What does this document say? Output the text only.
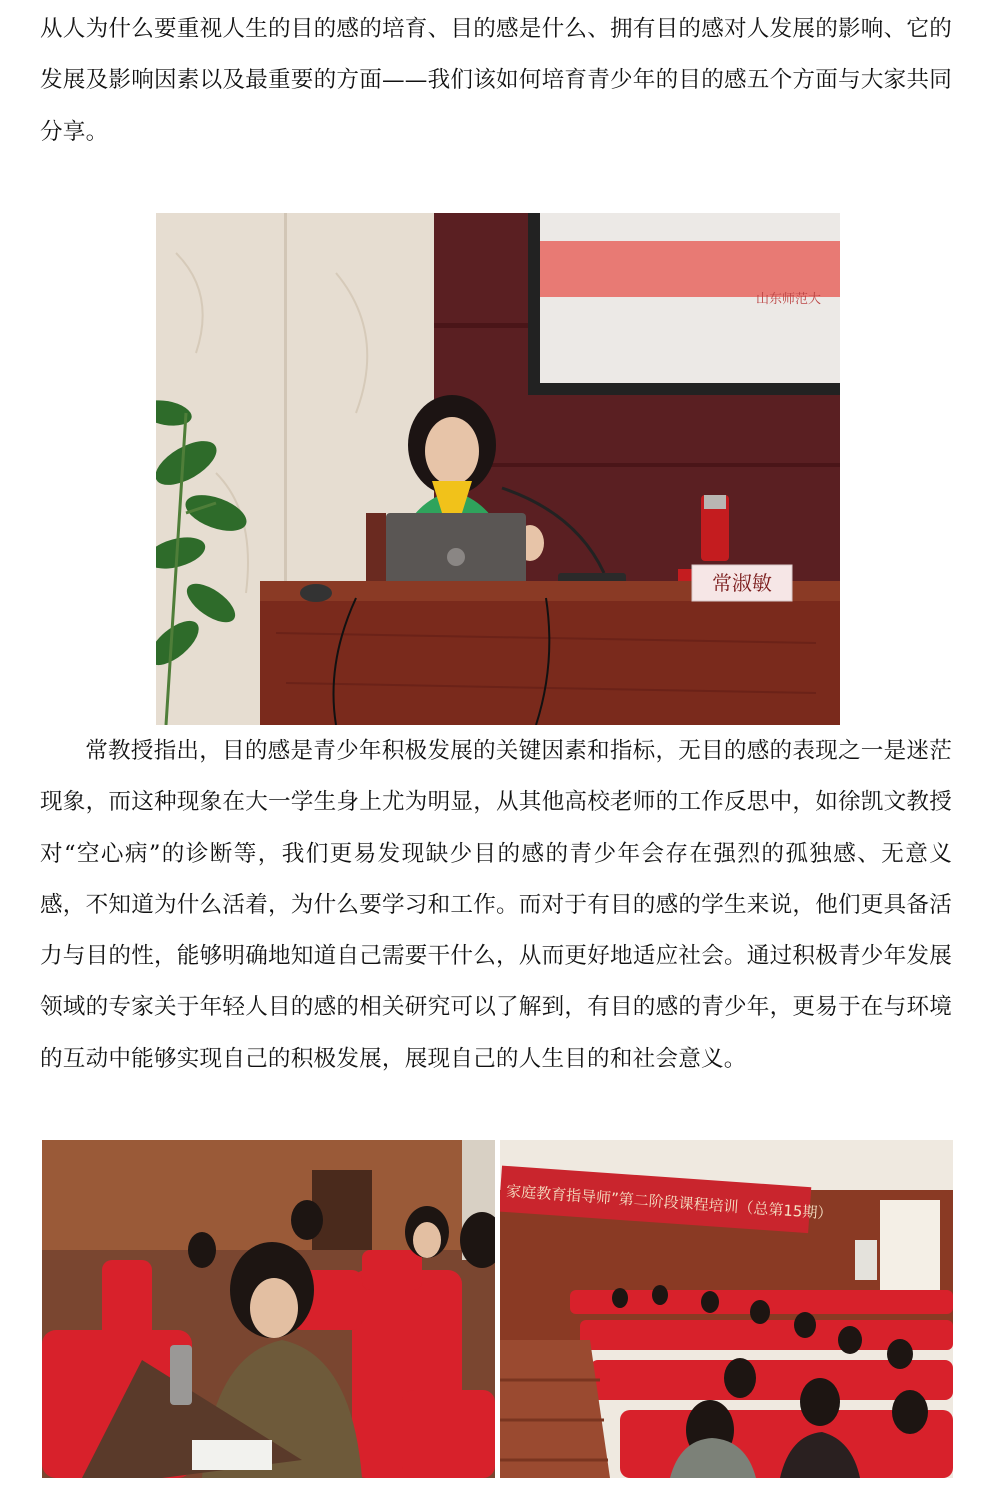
从人为什么要重视人生的目的感的培育、目的感是什么、拥有目的感对人发展的影响、它的发展及影响因素以及最重要的方面——我们该如何培育青少年的目的感五个方面与大家共同分享。

山东师范大
常淑敏

常教授指出，目的感是青少年积极发展的关键因素和指标，无目的感的表现之一是迷茫现象，而这种现象在大一学生身上尤为明显，从其他高校老师的工作反思中，如徐凯文教授对“空心病”的诊断等，我们更易发现缺少目的感的青少年会存在强烈的孤独感、无意义感，不知道为什么活着，为什么要学习和工作。而对于有目的感的学生来说，他们更具备活力与目的性，能够明确地知道自己需要干什么，从而更好地适应社会。通过积极青少年发展领域的专家关于年轻人目的感的相关研究可以了解到，有目的感的青少年，更易于在与环境的互动中能够实现自己的积极发展，展现自己的人生目的和社会意义。

家庭教育指导师”第二阶段课程培训（总第15期）
